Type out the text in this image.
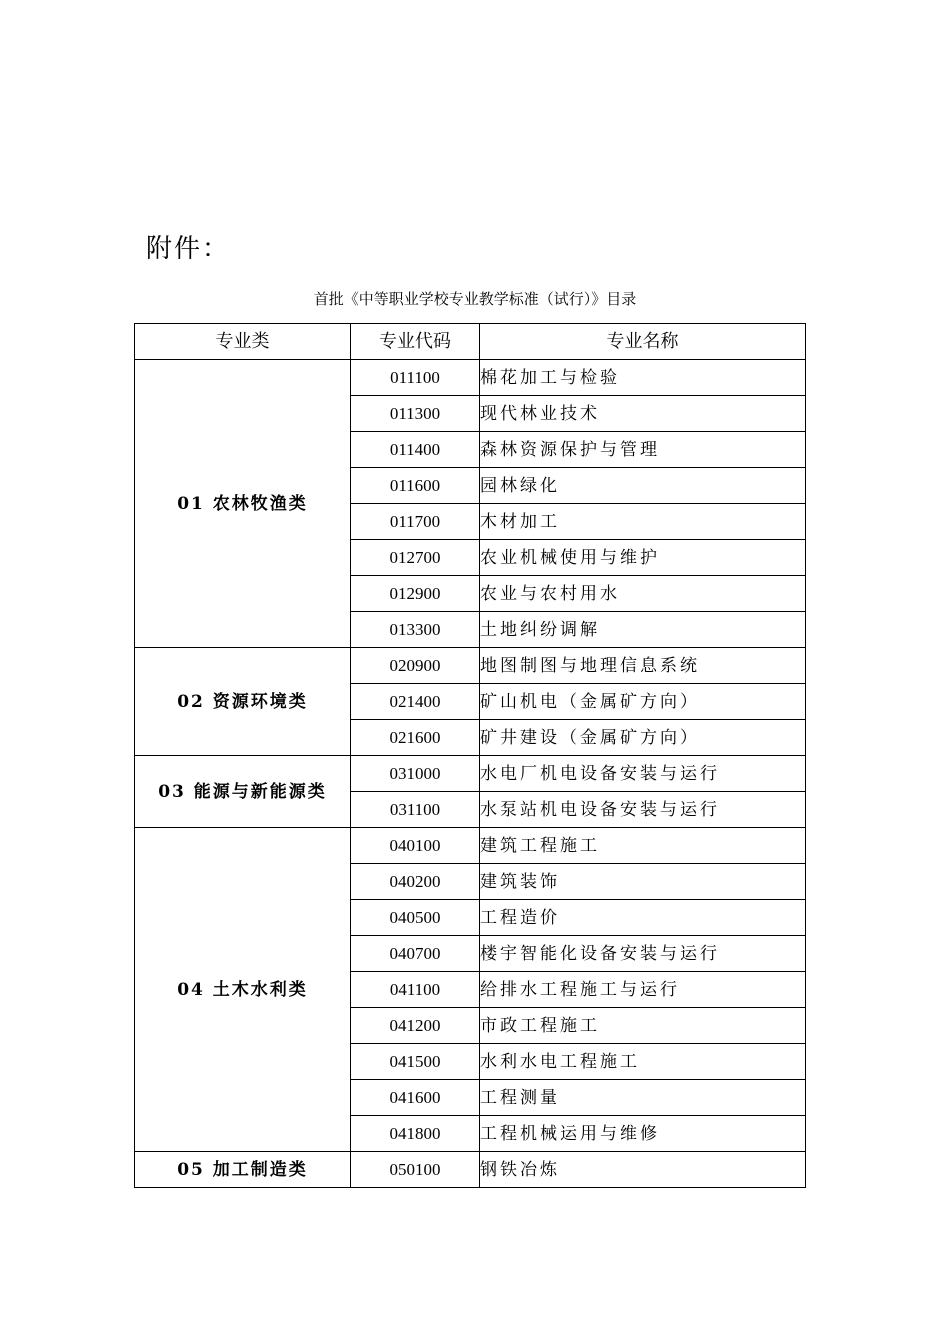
附件：
首批《中等职业学校专业教学标准（试行）》目录
专业类	专业代码	专业名称
01 农林牧渔类	011100	棉花加工与检验
	011300	现代林业技术
	011400	森林资源保护与管理
	011600	园林绿化
	011700	木材加工
	012700	农业机械使用与维护
	012900	农业与农村用水
	013300	土地纠纷调解
02 资源环境类	020900	地图制图与地理信息系统
	021400	矿山机电（金属矿方向）
	021600	矿井建设（金属矿方向）
03 能源与新能源类	031000	水电厂机电设备安装与运行
	031100	水泵站机电设备安装与运行
04 土木水利类	040100	建筑工程施工
	040200	建筑装饰
	040500	工程造价
	040700	楼宇智能化设备安装与运行
	041100	给排水工程施工与运行
	041200	市政工程施工
	041500	水利水电工程施工
	041600	工程测量
	041800	工程机械运用与维修
05 加工制造类	050100	钢铁冶炼
